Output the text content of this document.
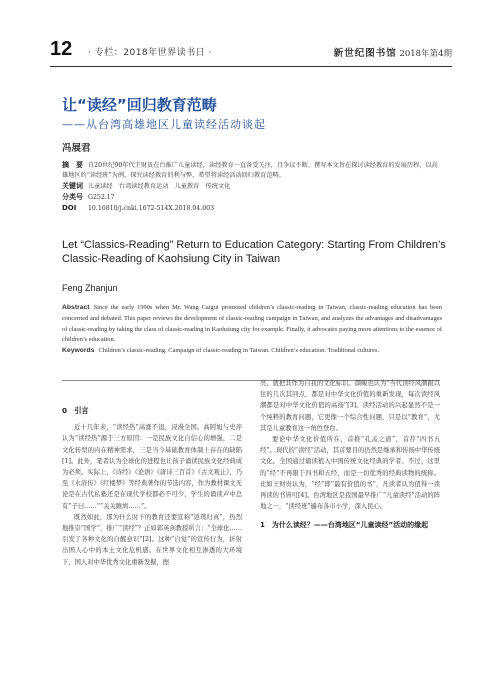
12 · 专栏：2018年世界读书日 ·	新世纪图书馆 2018年第4期
让“读经”回归教育范畴
——从台湾高雄地区儿童读经活动谈起
冯展君
摘　要 自20世纪90年代王财贵在台推广儿童读经，读经教育一直备受关注，且争议不断。撰写本文旨在探讨读经教育的发展历程，以高雄地区的“读经班”为例，探究读经教育的利与弊，希望将读经活动回归教育范畴。
关键词 儿童读经　台湾读经教育运动　儿童教育　传统文化
分类号 G252.17
DOI 10.16810/j.cnki.1672-514X.2018.04.003
Let “Classics-Reading” Return to Education Category: Starting From Children’s Classic-Reading of Kaohsiung City in Taiwan
Feng Zhanjun
Abstract Since the early 1990s when Mr. Wang Caigui promoted children’s classic-reading in Taiwan, classic-reading education has been concerned and debated. This paper reviews the development of classic-reading campaign in Taiwan, and analyzes the advantages and disadvantages of classic-reading by taking the class of classic-reading in Kaohsiung city for example. Finally, it advocates paying more attentions to the essence of children’s education.
Keywords Children’s classic-reading. Campaign of classic-reading in Taiwan. Children’s education. Traditional cultures.
0　引言

近十几年来，“读经热”高涨不退，浸漫全国。高阿旭与史萍认为“读经热”源于三方原因：一是民族文化自信心的增强，二是文化转型的内在精神需求，三是当今基础教育体制上存在的缺陷[1]。此外，笔者认为全球化的进程也让孩子诵读民族文化经典成为必须。实际上，《诗经》《论语》《唐诗三百首》《古文观止》，乃至《水浒传》《红楼梦》等经典著作的节选内容，作为教材课文无论是在古代私塾还是在现代学校都必不可少，学生的诵读声中总有“子曰……”“关关雎鸠……”。

既然如此，那为什么时下的教育还要宣称“返璞归真”，热烈地推崇“国学”，推广“读经”？正如郭英剑教授所言：“全球化……引发了各种文化的自醒意识”[2]。这种“自觉”的宣传行为，折射出国人心中的本土文化危机感。在世界文化相互渗透的大环境下，国人对中华优秀文化重新发掘，擦

亮，就把其作为自我的文化标识。颜峻也认为“当代读经风潮跟以往的几次其同点，都是对中华文化价值的重新发现，每次读经风潮都是对中华文化价值的高扬”[3]。读经活动的兴起显然不是一个纯粹的教育问题，它更像一个综合性问题，只是以“教育”，尤其是儿童教育这一角色登台。

要论中华文化价值所在，首推“孔孟之道”，首荐“四书五经”。现代的“读经”活动，其首要目的仍然是继承和传扬中华传统文化。全国通过诵读植入中国传统文化经典的学者。不过，这里的“经”不再限于四书和五经，而是一切优秀的经典读物的统称。比如王财贵认为，“经”即“最有价值的书”，凡读者认为值得一读再读的书皆可[4]。台湾地区是我国最早推广“儿童读经”活动的阵地之一，“读经班”遍布各市小学，深入民心。

1　为什么读经？——台湾地区“儿童读经”活动的缘起
